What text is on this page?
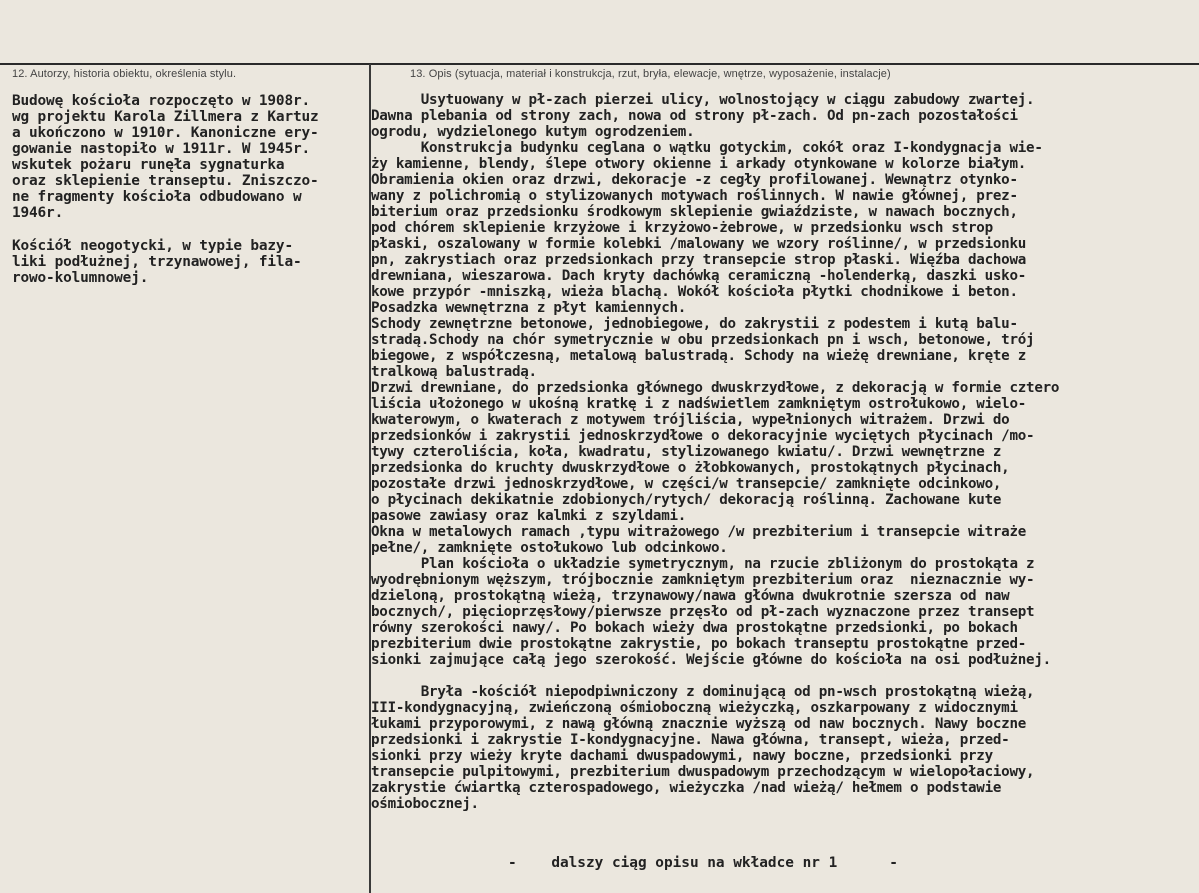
12. Autorzy, historia obiektu, określenia stylu.	13. Opis (sytuacja, materiał i konstrukcja, rzut, bryła, elewacje, wnętrze, wyposażenie, instalacje)
Budowę kościoła rozpoczęto w 1908r.
wg projektu Karola Zillmera z Kartuz
a ukończono w 1910r. Kanoniczne ery-
gowanie nastopiło w 1911r. W 1945r.
wskutek pożaru runęła sygnaturka
oraz sklepienie transeptu. Zniszczo-
ne fragmenty kościoła odbudowano w
1946r.
Kościół neogotycki, w typie bazy-
liki podłużnej, trzynawowej, fila-
rowo-kolumnowej.
Usytuowany w pł-zach pierzei ulicy, wolnostojący w ciągu zabudowy zwartej.
Dawna plebania od strony zach, nowa od strony pł-zach. Od pn-zach pozostałości
ogrodu, wydzielonego kutym ogrodzeniem.
Konstrukcja budynku ceglana o wątku gotyckim, cokół oraz I-kondygnacja wie-
ży kamienne, blendy, ślepe otwory okienne i arkady otynkowane w kolorze białym.
Obramienia okien oraz drzwi, dekoracje -z cegły profilowanej. Wewnątrz otynko-
wany z polichromią o stylizowanych motywach roślinnych. W nawie głównej, prez-
biterium oraz przedsionku środkowym sklepienie gwiaździste, w nawach bocznych,
pod chórem sklepienie krzyżowe i krzyżowo-żebrowe, w przedsionku wsch strop
płaski, oszalowany w formie kolebki /malowany we wzory roślinne/, w przedsionku
pn, zakrystiach oraz przedsionkach przy transepcie strop płaski. Więźba dachowa
drewniana, wieszarowa. Dach kryty dachówką ceramiczną -holenderką, daszki usko-
kowe przypór -mniszką, wieża blachą. Wokół kościoła płytki chodnikowe i beton.
Posadzka wewnętrzna z płyt kamiennych.
Schody zewnętrzne betonowe, jednobiegowe, do zakrystii z podestem i kutą balu-
stradą.Schody na chór symetrycznie w obu przedsionkach pn i wsch, betonowe, trój
biegowe, z współczesną, metalową balustradą. Schody na wieżę drewniane, kręte z
tralkową balustradą.
Drzwi drewniane, do przedsionka głównego dwuskrzydłowe, z dekoracją w formie cztero
liścia ułożonego w ukośną kratkę i z nadświetlem zamkniętym ostrołukowo, wielo-
kwaterowym, o kwaterach z motywem trójliścia, wypełnionych witrażem. Drzwi do
przedsionków i zakrystii jednoskrzydłowe o dekoracyjnie wyciętych płycinach /mo-
tywy czteroliścia, koła, kwadratu, stylizowanego kwiatu/. Drzwi wewnętrzne z
przedsionka do kruchty dwuskrzydłowe o żłobkowanych, prostokątnych płycinach,
pozostałe drzwi jednoskrzydłowe, w części/w transepcie/ zamknięte odcinkowo,
o płycinach dekikatnie zdobionych/rytych/ dekoracją roślinną. Zachowane kute
pasowe zawiasy oraz kalmki z szyldami.
Okna w metalowych ramach ,typu witrażowego /w prezbiterium i transepcie witraże
pełne/, zamknięte ostołukowo lub odcinkowo.
Plan kościoła o układzie symetrycznym, na rzucie zbliżonym do prostokąta z
wyodrębnionym węższym, trójbocznie zamkniętym prezbiterium oraz  nieznacznie wy-
dzieloną, prostokątną wieżą, trzynawowy/nawa główna dwukrotnie szersza od naw
bocznych/, pięcioprzęsłowy/pierwsze przęsło od pł-zach wyznaczone przez transept
równy szerokości nawy/. Po bokach wieży dwa prostokątne przedsionki, po bokach
prezbiterium dwie prostokątne zakrystie, po bokach transeptu prostokątne przed-
sionki zajmujące całą jego szerokość. Wejście główne do kościoła na osi podłużnej.

Bryła -kościół niepodpiwniczony z dominującą od pn-wsch prostokątną wieżą,
III-kondygnacyjną, zwieńczoną ośmioboczną wieżyczką, oszkarpowany z widocznymi
łukami przyporowymi, z nawą główną znacznie wyższą od naw bocznych. Nawy boczne
przedsionki i zakrystie I-kondygnacyjne. Nawa główna, transept, wieża, przed-
sionki przy wieży kryte dachami dwuspadowymi, nawy boczne, przedsionki przy
transepcie pulpitowymi, prezbiterium dwuspadowym przechodzącym w wielopołaciowy,
zakrystie ćwiartką czterospadowego, wieżyczka /nad wieżą/ hełmem o podstawie
ośmiobocznej.
-    dalszy ciąg opisu na wkładce nr 1      -
